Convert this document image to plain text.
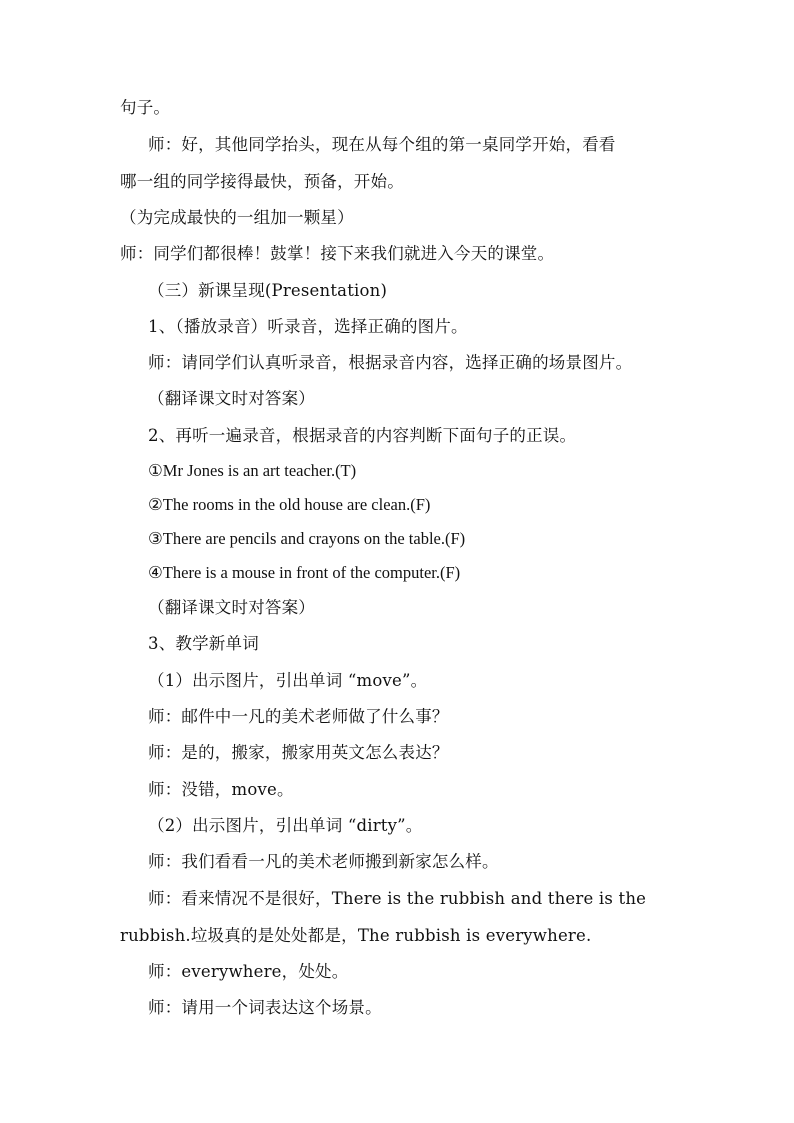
句子。
师：好，其他同学抬头，现在从每个组的第一桌同学开始，看看
哪一组的同学接得最快，预备，开始。
（为完成最快的一组加一颗星）
师：同学们都很棒！鼓掌！接下来我们就进入今天的课堂。
（三）新课呈现(Presentation)
1、（播放录音）听录音，选择正确的图片。
师：请同学们认真听录音，根据录音内容，选择正确的场景图片。
（翻译课文时对答案）
2、再听一遍录音，根据录音的内容判断下面句子的正误。
①Mr Jones is an art teacher.(T)
②The rooms in the old house are clean.(F)
③There are pencils and crayons on the table.(F)
④There is a mouse in front of the computer.(F)
（翻译课文时对答案）
3、教学新单词
（1）出示图片，引出单词 “move”。
师：邮件中一凡的美术老师做了什么事？
师：是的，搬家，搬家用英文怎么表达？
师：没错，move。
（2）出示图片，引出单词 “dirty”。
师：我们看看一凡的美术老师搬到新家怎么样。
师：看来情况不是很好，There is the rubbish and there is the
rubbish.垃圾真的是处处都是，The rubbish is everywhere.
师：everywhere，处处。
师：请用一个词表达这个场景。
